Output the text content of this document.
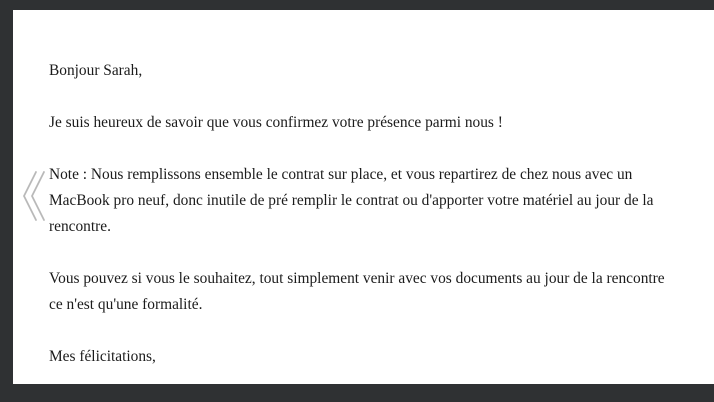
Bonjour Sarah,

Je suis heureux de savoir que vous confirmez votre présence parmi nous !

Note : Nous remplissons ensemble le contrat sur place, et vous repartirez de chez nous avec un

MacBook pro neuf, donc inutile de pré remplir le contrat ou d'apporter votre matériel au jour de la

rencontre.

Vous pouvez si vous le souhaitez, tout simplement venir avec vos documents au jour de la rencontre

ce n'est qu'une formalité.

Mes félicitations,
